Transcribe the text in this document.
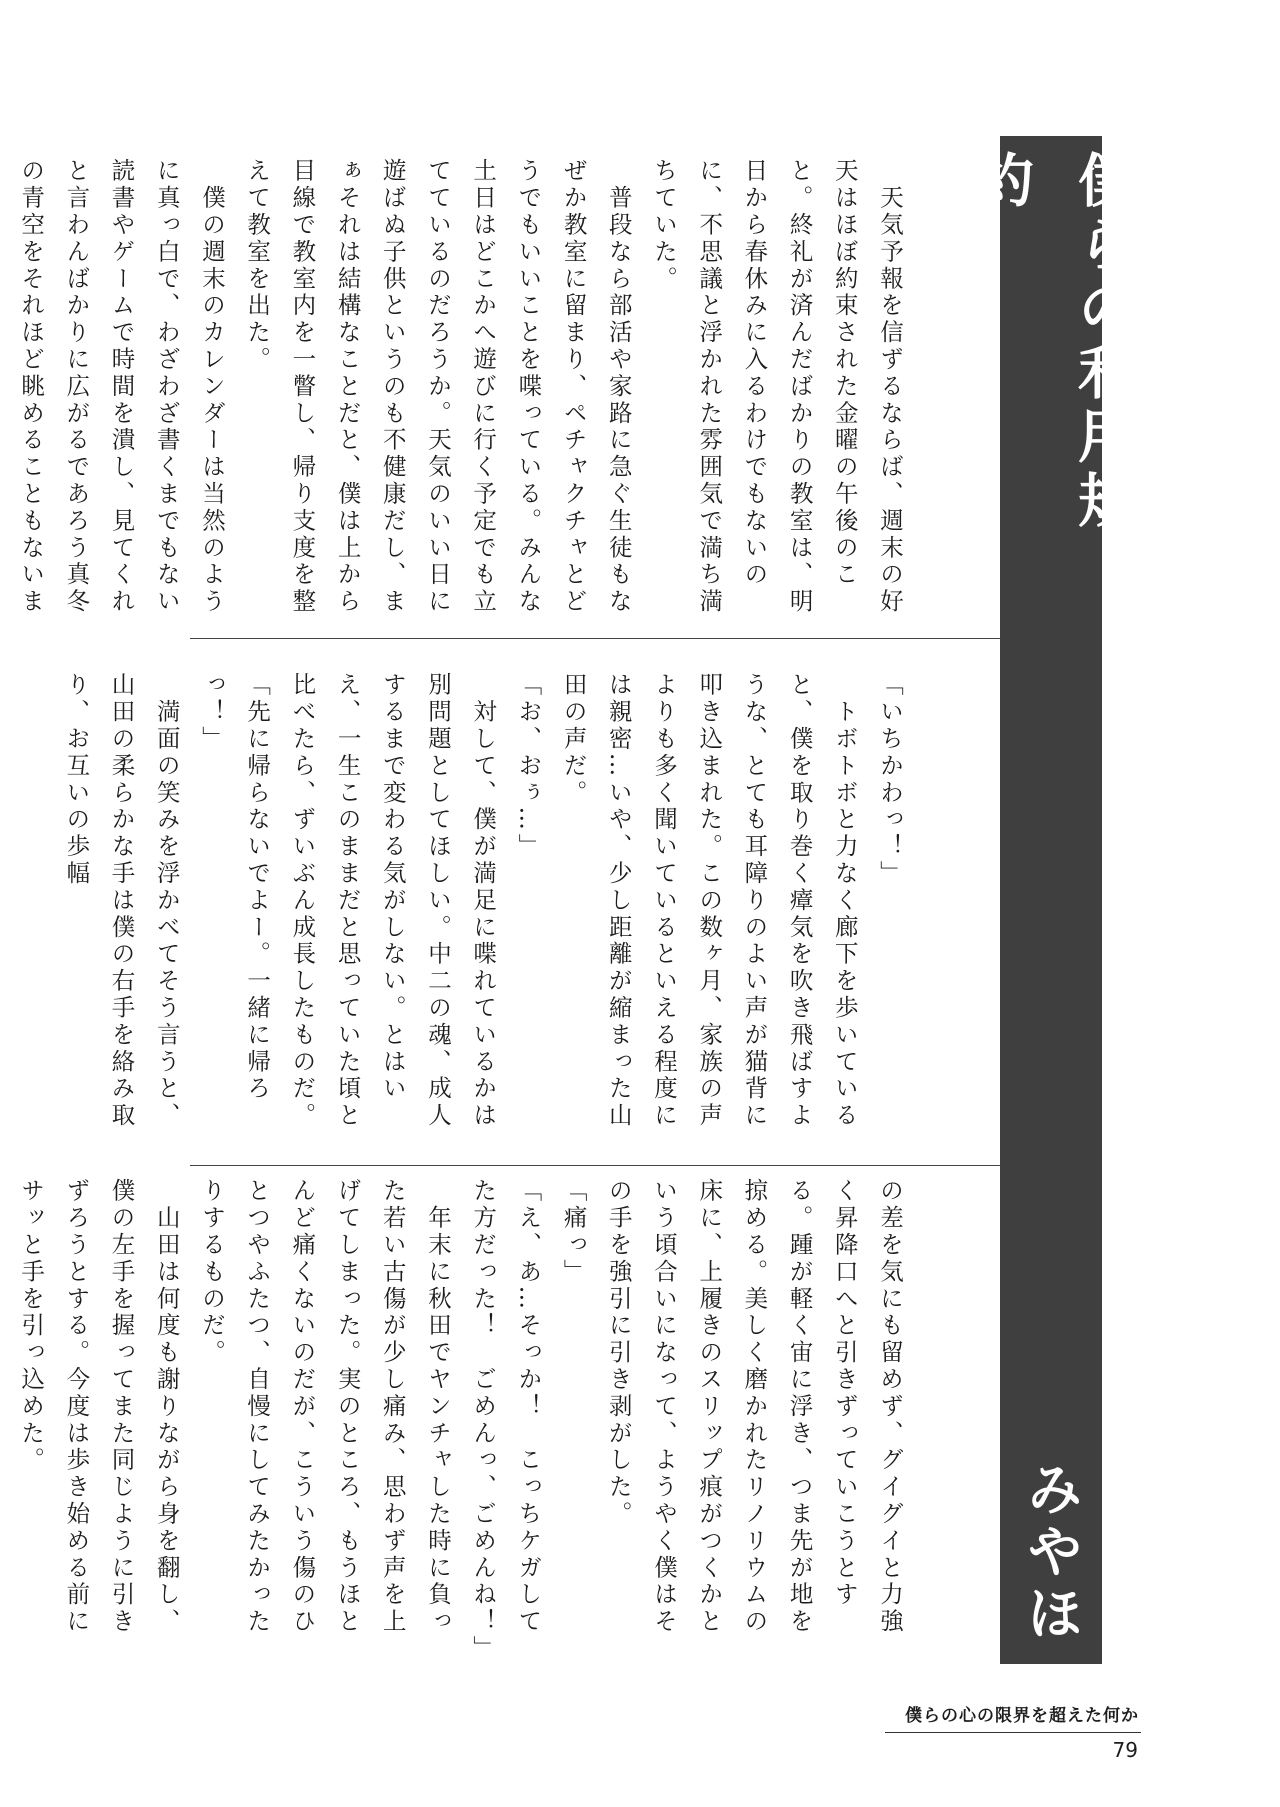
僕らの利用規約
みやほ

　天気予報を信ずるならば、週末の好天はほぼ約束された金曜の午後のこと。終礼が済んだばかりの教室は、明日から春休みに入るわけでもないのに、不思議と浮かれた雰囲気で満ち満ちていた。

　普段なら部活や家路に急ぐ生徒もなぜか教室に留まり、ペチャクチャとどうでもいいことを喋っている。みんな土日はどこかへ遊びに行く予定でも立てているのだろうか。天気のいい日に遊ばぬ子供というのも不健康だし、まぁそれは結構なことだと、僕は上から目線で教室内を一瞥し、帰り支度を整えて教室を出た。

　僕の週末のカレンダーは当然のように真っ白で、わざわざ書くまでもない読書やゲームで時間を潰し、見てくれと言わんばかりに広がるであろう真冬の青空をそれほど眺めることもないま

「いちかわっ！」

　トボトボと力なく廊下を歩いていると、僕を取り巻く瘴気を吹き飛ばすような、とても耳障りのよい声が猫背に叩き込まれた。この数ヶ月、家族の声よりも多く聞いているといえる程度には親密…いや、少し距離が縮まった山田の声だ。

「お、おぅ…」

　対して、僕が満足に喋れているかは別問題としてほしい。中二の魂、成人するまで変わる気がしない。とはいえ、一生このままだと思っていた頃と比べたら、ずいぶん成長したものだ。

「先に帰らないでよー。一緒に帰ろっ！」

　満面の笑みを浮かべてそう言うと、山田の柔らかな手は僕の右手を絡み取り、お互いの歩幅

の差を気にも留めず、グイグイと力強く昇降口へと引きずっていこうとする。踵が軽く宙に浮き、つま先が地を掠める。美しく磨かれたリノリウムの床に、上履きのスリップ痕がつくかという頃合いになって、ようやく僕はその手を強引に引き剥がした。

「痛っ」

「え、あ…そっか！　こっちケガしてた方だった！　ごめんっ、ごめんね！」

　年末に秋田でヤンチャした時に負った若い古傷が少し痛み、思わず声を上げてしまった。実のところ、もうほとんど痛くないのだが、こういう傷のひとつやふたつ、自慢にしてみたかったりするものだ。

　山田は何度も謝りながら身を翻し、僕の左手を握ってまた同じように引きずろうとする。今度は歩き始める前にサッと手を引っ込めた。

僕らの心の限界を超えた何か
79
